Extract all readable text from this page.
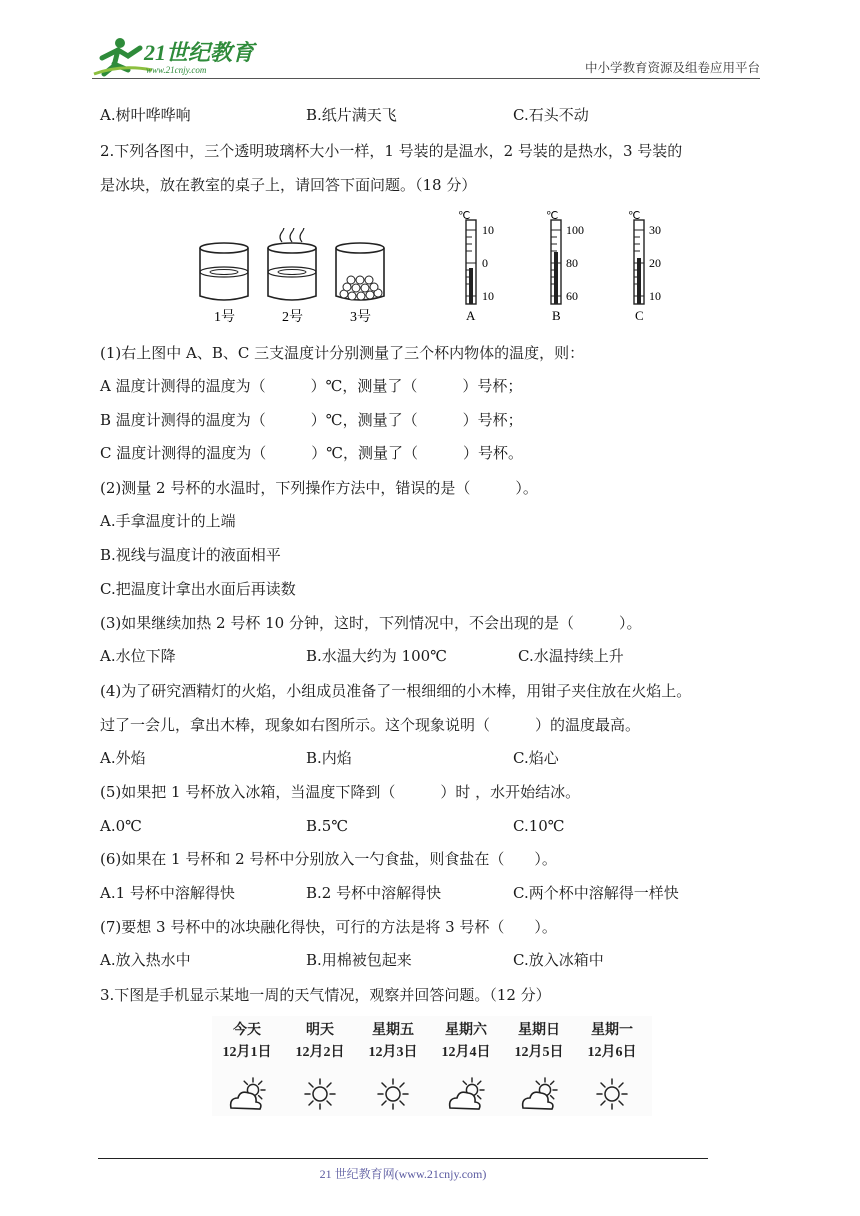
21世纪教育
www.21cnjy.com	中小学教育资源及组卷应用平台
A.树叶哗哗响	B.纸片满天飞	C.石头不动
2.下列各图中，三个透明玻璃杯大小一样，1 号装的是温水，2 号装的是热水，3 号装的
是冰块，放在教室的桌子上，请回答下面问题。（18 分）
1号	2号	3号
℃
10
0
10
A
℃
100
80
60
B
℃
30
20
10
C
(1)右上图中 A、B、C 三支温度计分别测量了三个杯内物体的温度，则：
A 温度计测得的温度为（　　　）℃，测量了（　　　）号杯；
B 温度计测得的温度为（　　　）℃，测量了（　　　）号杯；
C 温度计测得的温度为（　　　）℃，测量了（　　　）号杯。
(2)测量 2 号杯的水温时，下列操作方法中，错误的是（　　　）。
A.手拿温度计的上端
B.视线与温度计的液面相平
C.把温度计拿出水面后再读数
(3)如果继续加热 2 号杯 10 分钟，这时，下列情况中，不会出现的是（　　　）。
A.水位下降	B.水温大约为 100℃	C.水温持续上升
(4)为了研究酒精灯的火焰，小组成员准备了一根细细的小木棒，用钳子夹住放在火焰上。
过了一会儿，拿出木棒，现象如右图所示。这个现象说明（　　　）的温度最高。
A.外焰	B.内焰	C.焰心
(5)如果把 1 号杯放入冰箱，当温度下降到（　　　）时 ，水开始结冰。
A.0℃	B.5℃	C.10℃
(6)如果在 1 号杯和 2 号杯中分别放入一勺食盐，则食盐在（　　）。
A.1 号杯中溶解得快	B.2 号杯中溶解得快	C.两个杯中溶解得一样快
(7)要想 3 号杯中的冰块融化得快，可行的方法是将 3 号杯（　　）。
A.放入热水中	B.用棉被包起来	C.放入冰箱中
3.下图是手机显示某地一周的天气情况，观察并回答问题。（12 分）
今天	明天	星期五 星期六 星期日 星期一
12月1日 12月2日 12月3日 12月4日 12月5日 12月6日
21 世纪教育网(www.21cnjy.com)
